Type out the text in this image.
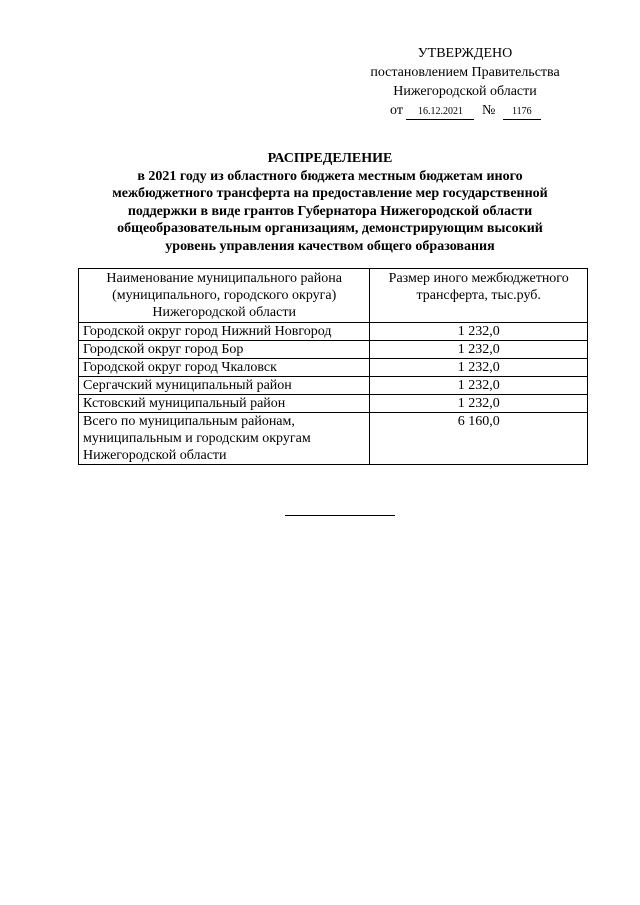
УТВЕРЖДЕНО
постановлением Правительства
Нижегородской области
от 16.12.2021 № 1176
РАСПРЕДЕЛЕНИЕ
в 2021 году из областного бюджета местным бюджетам иного межбюджетного трансферта на предоставление мер государственной поддержки в виде грантов Губернатора Нижегородской области общеобразовательным организациям, демонстрирующим высокий уровень управления качеством общего образования
Наименование муниципального района (муниципального, городского округа) Нижегородской области	Размер иного межбюджетного трансферта, тыс.руб.
Городской округ город Нижний Новгород	1 232,0
Городской округ город Бор	1 232,0
Городской округ город Чкаловск	1 232,0
Сергачский муниципальный район	1 232,0
Кстовский муниципальный район	1 232,0
Всего по муниципальным районам, муниципальным и городским округам Нижегородской области	6 160,0
